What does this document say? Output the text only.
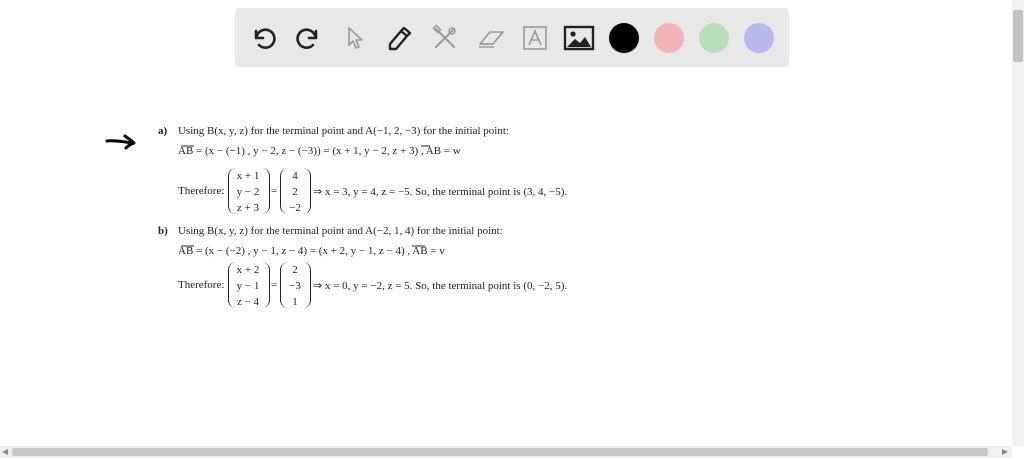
a) Using B(x, y, z) for the terminal point and A(−1, 2, −3) for the initial point:
AB = (x − (−1) , y − 2, z − (−3)) = (x + 1, y − 2, z + 3) , AB = w
Therefore:
x + 1
y − 2
z + 3
=
4
2
−2
⇒ x = 3, y = 4, z = −5. So, the terminal point is (3, 4, −5).
b) Using B(x, y, z) for the terminal point and A(−2, 1, 4) for the initial point:
AB = (x − (−2) , y − 1, z − 4) = (x + 2, y − 1, z − 4) , AB = v
Therefore:
x + 2
y − 1
z − 4
=
2
−3
1
⇒ x = 0, y = −2, z = 5. So, the terminal point is (0, −2, 5).
◀	▶
